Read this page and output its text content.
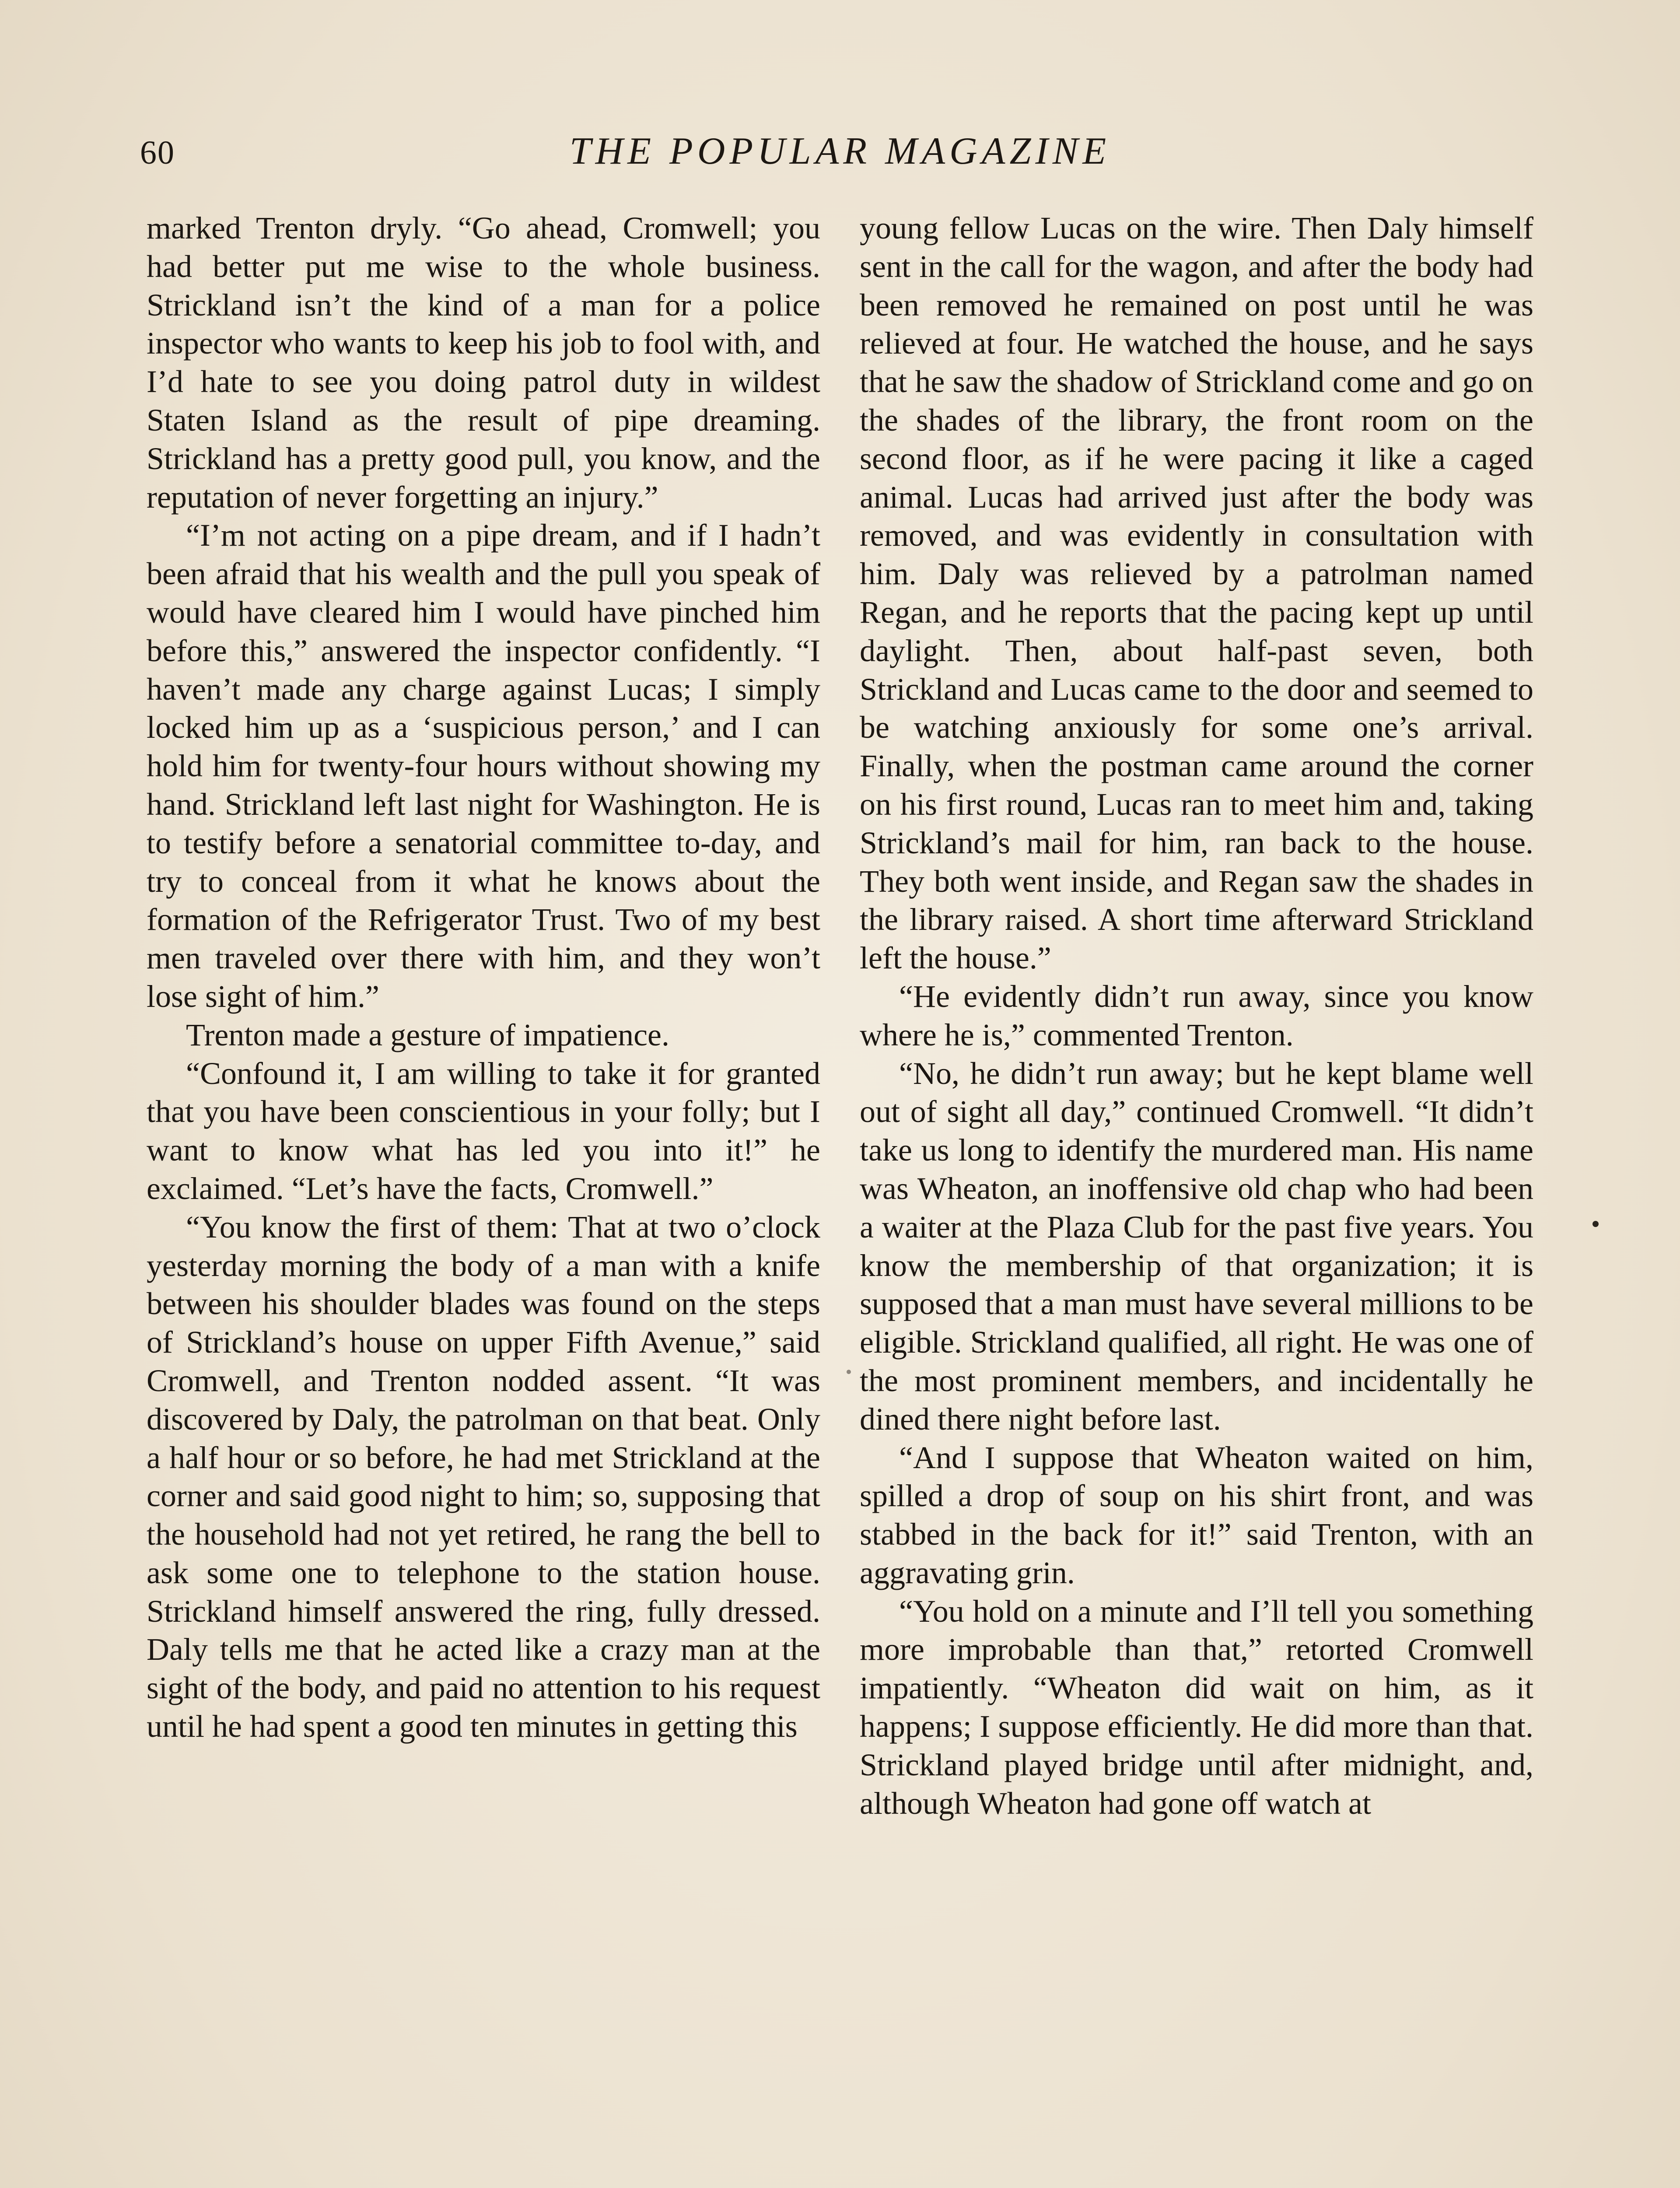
60	THE POPULAR MAGAZINE

marked Trenton dryly. “Go ahead, Cromwell; you had better put me wise to the whole business. Strickland isn’t the kind of a man for a police inspector who wants to keep his job to fool with, and I’d hate to see you doing patrol duty in wildest Staten Island as the result of pipe dreaming. Strickland has a pretty good pull, you know, and the reputation of never forgetting an injury.”

“I’m not acting on a pipe dream, and if I hadn’t been afraid that his wealth and the pull you speak of would have cleared him I would have pinched him before this,” answered the inspector confidently. “I haven’t made any charge against Lucas; I simply locked him up as a ‘suspicious person,’ and I can hold him for twenty-four hours without showing my hand. Strickland left last night for Washington. He is to testify before a senatorial committee to-day, and try to conceal from it what he knows about the formation of the Refrigerator Trust. Two of my best men traveled over there with him, and they won’t lose sight of him.”

Trenton made a gesture of impatience.

“Confound it, I am willing to take it for granted that you have been conscientious in your folly; but I want to know what has led you into it!” he exclaimed. “Let’s have the facts, Cromwell.”

“You know the first of them: That at two o’clock yesterday morning the body of a man with a knife between his shoulder blades was found on the steps of Strickland’s house on upper Fifth Avenue,” said Cromwell, and Trenton nodded assent. “It was discovered by Daly, the patrolman on that beat. Only a half hour or so before, he had met Strickland at the corner and said good night to him; so, supposing that the household had not yet retired, he rang the bell to ask some one to telephone to the station house. Strickland himself answered the ring, fully dressed. Daly tells me that he acted like a crazy man at the sight of the body, and paid no attention to his request until he had spent a good ten minutes in getting this

young fellow Lucas on the wire. Then Daly himself sent in the call for the wagon, and after the body had been removed he remained on post until he was relieved at four. He watched the house, and he says that he saw the shadow of Strickland come and go on the shades of the library, the front room on the second floor, as if he were pacing it like a caged animal. Lucas had arrived just after the body was removed, and was evidently in consultation with him. Daly was relieved by a patrolman named Regan, and he reports that the pacing kept up until daylight. Then, about half-past seven, both Strickland and Lucas came to the door and seemed to be watching anxiously for some one’s arrival. Finally, when the postman came around the corner on his first round, Lucas ran to meet him and, taking Strickland’s mail for him, ran back to the house. They both went inside, and Regan saw the shades in the library raised. A short time afterward Strickland left the house.”

“He evidently didn’t run away, since you know where he is,” commented Trenton.

“No, he didn’t run away; but he kept blame well out of sight all day,” continued Cromwell. “It didn’t take us long to identify the murdered man. His name was Wheaton, an inoffensive old chap who had been a waiter at the Plaza Club for the past five years. You know the membership of that organization; it is supposed that a man must have several millions to be eligible. Strickland qualified, all right. He was one of the most prominent members, and incidentally he dined there night before last.

“And I suppose that Wheaton waited on him, spilled a drop of soup on his shirt front, and was stabbed in the back for it!” said Trenton, with an aggravating grin.

“You hold on a minute and I’ll tell you something more improbable than that,” retorted Cromwell impatiently. “Wheaton did wait on him, as it happens; I suppose efficiently. He did more than that. Strickland played bridge until after midnight, and, although Wheaton had gone off watch at
